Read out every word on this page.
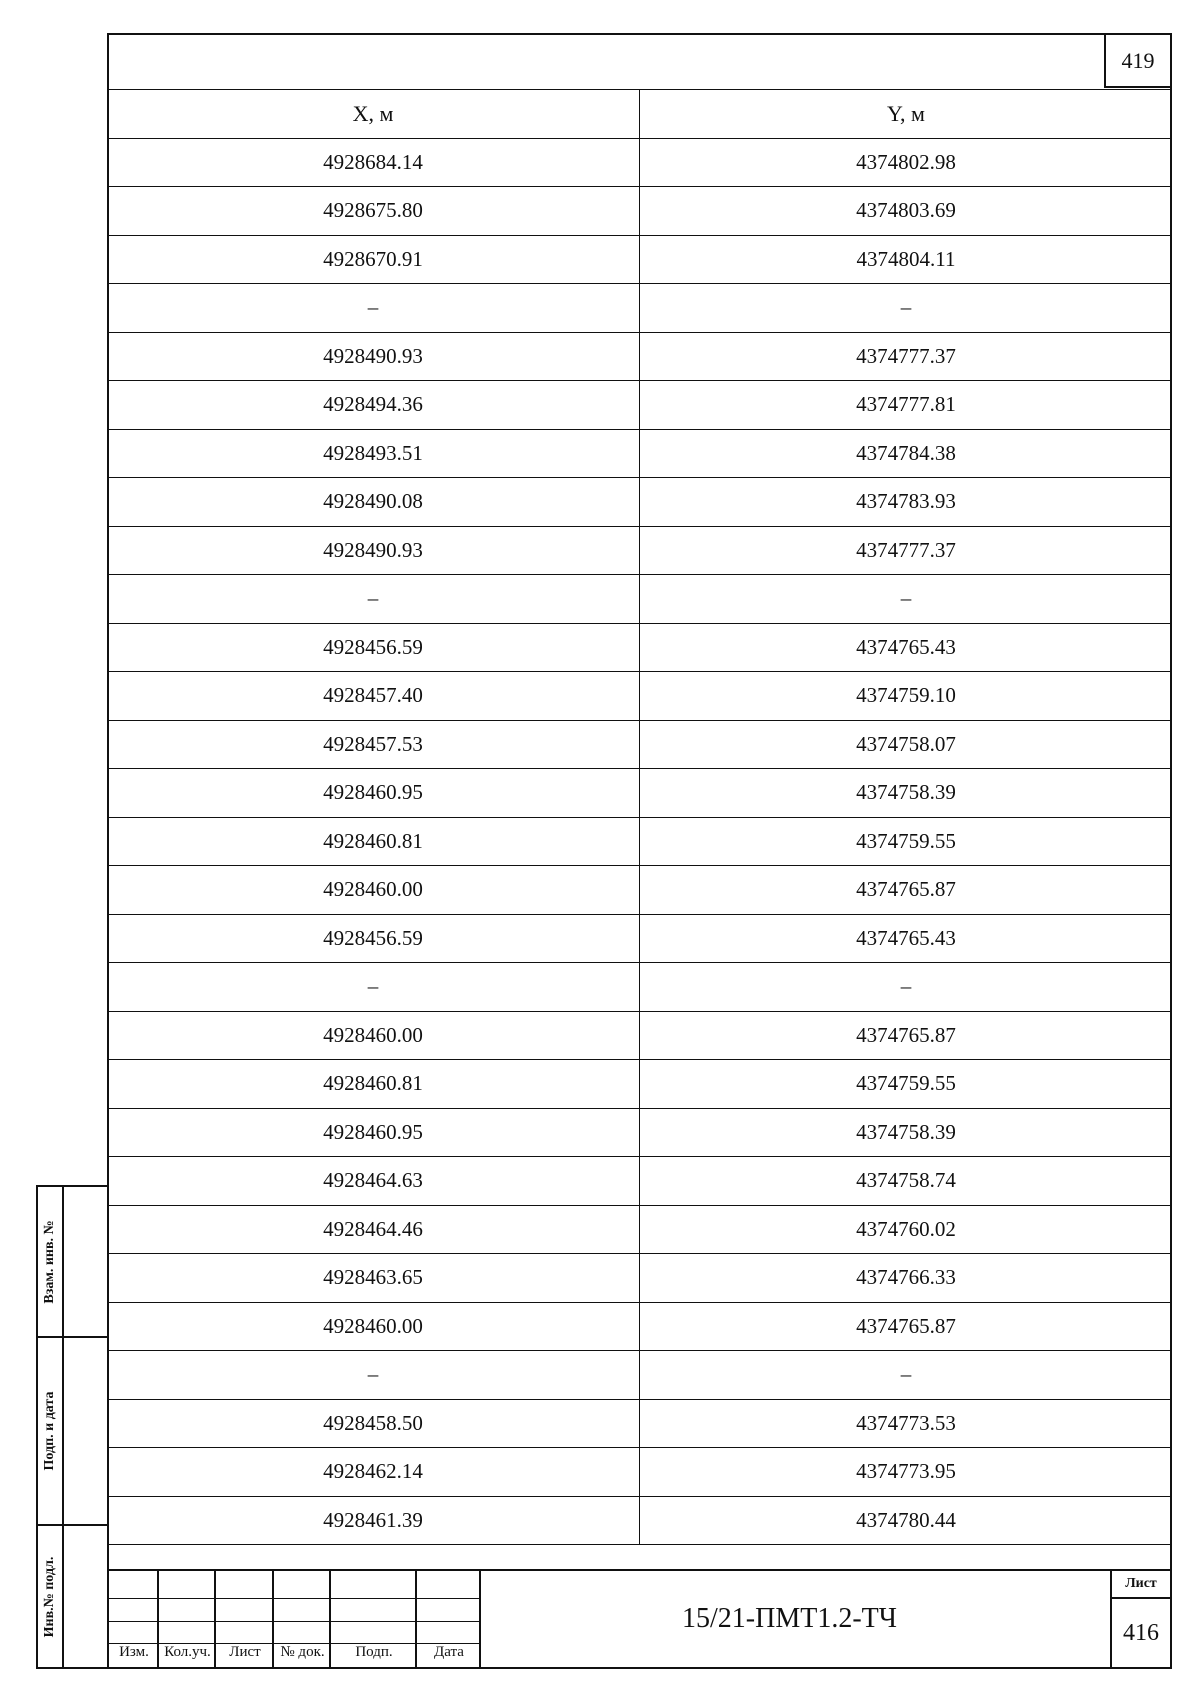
419
X, м	Y, м
4928684.14	4374802.98
4928675.80	4374803.69
4928670.91	4374804.11
–	–
4928490.93	4374777.37
4928494.36	4374777.81
4928493.51	4374784.38
4928490.08	4374783.93
4928490.93	4374777.37
–	–
4928456.59	4374765.43
4928457.40	4374759.10
4928457.53	4374758.07
4928460.95	4374758.39
4928460.81	4374759.55
4928460.00	4374765.87
4928456.59	4374765.43
–	–
4928460.00	4374765.87
4928460.81	4374759.55
4928460.95	4374758.39
4928464.63	4374758.74
4928464.46	4374760.02
4928463.65	4374766.33
4928460.00	4374765.87
–	–
4928458.50	4374773.53
4928462.14	4374773.95
4928461.39	4374780.44
Изм.	Кол.уч.	Лист	№ док.	Подп.	Дата
15/21-ПМТ1.2-ТЧ
Лист
416
Взам. инв. №
Подп. и дата
Инв.№ подл.
